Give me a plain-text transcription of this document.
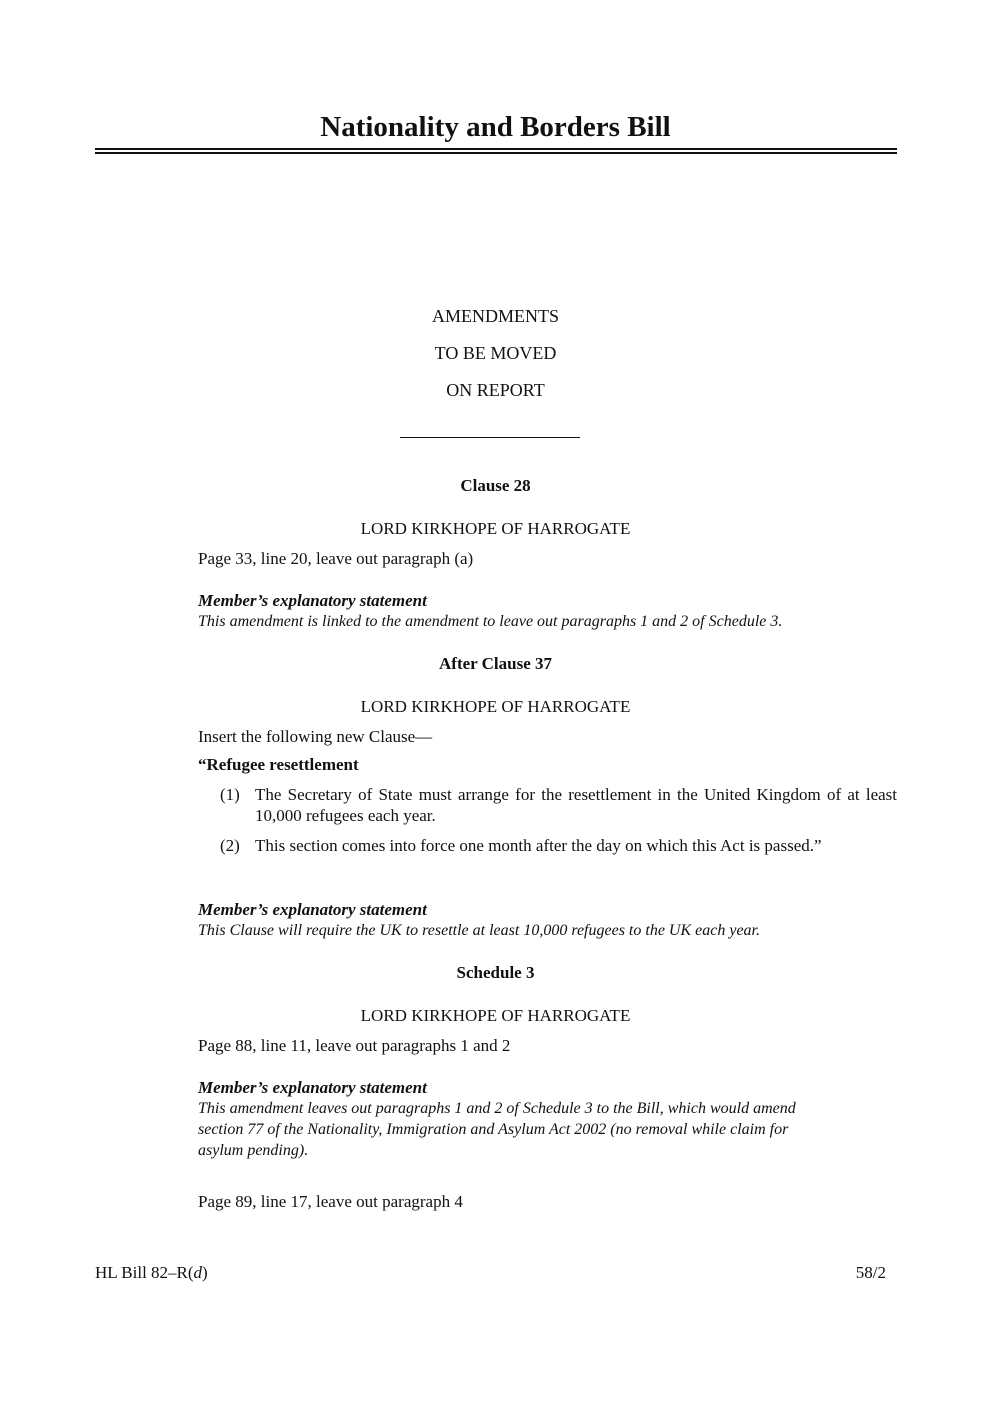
Nationality and Borders Bill
AMENDMENTS
TO BE MOVED
ON REPORT
Clause 28
LORD KIRKHOPE OF HARROGATE
Page 33, line 20, leave out paragraph (a)
Member’s explanatory statement
This amendment is linked to the amendment to leave out paragraphs 1 and 2 of Schedule 3.
After Clause 37
LORD KIRKHOPE OF HARROGATE
Insert the following new Clause—
“Refugee resettlement
(1) The Secretary of State must arrange for the resettlement in the United Kingdom of at least 10,000 refugees each year.
(2) This section comes into force one month after the day on which this Act is passed.”
Member’s explanatory statement
This Clause will require the UK to resettle at least 10,000 refugees to the UK each year.
Schedule 3
LORD KIRKHOPE OF HARROGATE
Page 88, line 11, leave out paragraphs 1 and 2
Member’s explanatory statement
This amendment leaves out paragraphs 1 and 2 of Schedule 3 to the Bill, which would amend
section 77 of the Nationality, Immigration and Asylum Act 2002 (no removal while claim for
asylum pending).
Page 89, line 17, leave out paragraph 4
HL Bill 82–R(d)	58/2
